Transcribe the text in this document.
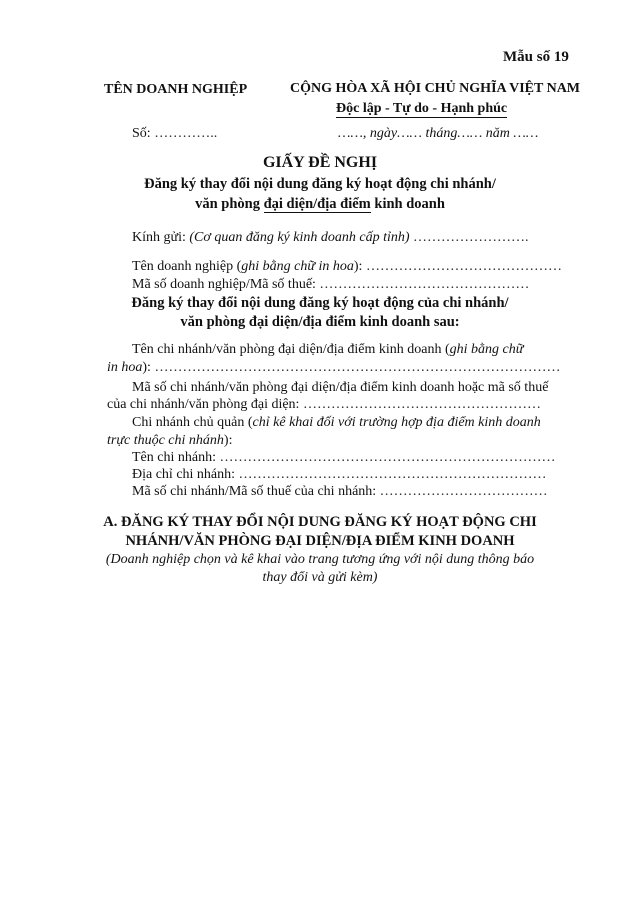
Mẫu số 19
TÊN DOANH NGHIỆP	CỘNG HÒA XÃ HỘI CHỦ NGHĨA VIỆT NAM
Độc lập - Tự do - Hạnh phúc
Số: …………..	……, ngày…… tháng…… năm ……
GIẤY ĐỀ NGHỊ
Đăng ký thay đổi nội dung đăng ký hoạt động chi nhánh/
văn phòng đại diện/địa điểm kinh doanh
Kính gửi: (Cơ quan đăng ký kinh doanh cấp tỉnh) …………………….
Tên doanh nghiệp (ghi bằng chữ in hoa): ……………………………………
Mã số doanh nghiệp/Mã số thuế: ………………………………………
Đăng ký thay đổi nội dung đăng ký hoạt động của chi nhánh/
văn phòng đại diện/địa điểm kinh doanh sau:
Tên chi nhánh/văn phòng đại diện/địa điểm kinh doanh (ghi bằng chữ
in hoa): ……………………………………………………………………………
Mã số chi nhánh/văn phòng đại diện/địa điểm kinh doanh hoặc mã số thuế
của chi nhánh/văn phòng đại diện: ……………………………………………
Chi nhánh chủ quản (chỉ kê khai đối với trường hợp địa điểm kinh doanh
trực thuộc chi nhánh):
Tên chi nhánh: ………………………………………………………………
Địa chỉ chi nhánh: …………………………………………………………
Mã số chi nhánh/Mã số thuế của chi nhánh: ………………………………
A. ĐĂNG KÝ THAY ĐỔI NỘI DUNG ĐĂNG KÝ HOẠT ĐỘNG CHI
NHÁNH/VĂN PHÒNG ĐẠI DIỆN/ĐỊA ĐIỂM KINH DOANH
(Doanh nghiệp chọn và kê khai vào trang tương ứng với nội dung thông báo
thay đổi và gửi kèm)
